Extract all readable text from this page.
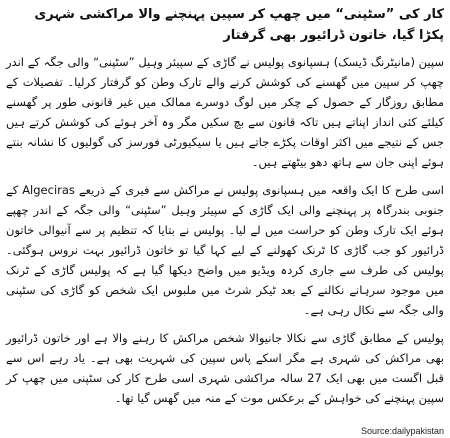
کار کی ”سٹپنی“ میں چھپ کر سپین پہنچنے والا مراکشی شہری پکڑا گیا، خاتون ڈرائیور بھی گرفتار

سپین (مانیٹرنگ ڈیسک) ہسپانوی پولیس نے گاڑی کے سپیئر وہیل ”سٹپنی“ والی جگہ کے اندر چھپ کر سپین میں گھسنے کی کوشش کرنے والے تارک وطن کو گرفتار کرلیا۔ تفصیلات کے مطابق روزگار کے حصول کے چکر میں لوگ دوسرے ممالک میں غیر قانونی طور پر گھسنے کیلئے کئی انداز اپناتے ہیں تاکہ قانون سے بچ سکیں مگر وہ آخر ہوئے کی کوشش کرتے ہیں جس کے نتیجے میں اکثر اوقات پکڑے جاتے ہیں یا سیکیورٹی فورسز کی گولیوں کا نشانہ بنتے ہوئے اپنی جان سے ہاتھ دھو بیٹھتے ہیں۔

اسی طرح کا ایک واقعہ میں ہسپانوی پولیس نے مراکش سے فیری کے ذریعے Algeciras کے جنوبی بندرگاہ پر پہنچنے والی ایک گاڑی کے سپیئر وہیل ”سٹپنی“ والی جگہ کے اندر چھپے ہوئے ایک تارک وطن کو حراست میں لے لیا۔ پولیس نے بتایا کہ تنظیم پر سے آنیوالی خاتون ڈرائیور کو جب گاڑی کا ٹرنک کھولنے کے لیے کہا گیا تو خاتون ڈرائیور بہت نروس ہوگئی۔ پولیس کی طرف سے جاری کردہ ویڈیو میں واضح دیکھا گیا ہے کہ پولیس گاڑی کے ٹرنک میں موجود سرہانے نکالنے کے بعد ٹیکر شرٹ میں ملبوس ایک شخص کو گاڑی کی سٹپنی والی جگہ سے نکال رہی ہے۔

پولیس کے مطابق گاڑی سے نکالا جانیوالا شخص مراکش کا رہنے والا ہے اور خاتون ڈرائیور بھی مراکش کی شہری ہے مگر اسکے پاس سپین کی شہریت بھی ہے۔ یاد رہے اس سے قبل اگست میں بھی ایک 27 سالہ مراکشی شہری اسی طرح کار کی سٹپنی میں چھپ کر سپین پہنچنے کی خواہش کے برعکس موت کے منہ میں گھس گیا تھا۔

Source:dailypakistan
